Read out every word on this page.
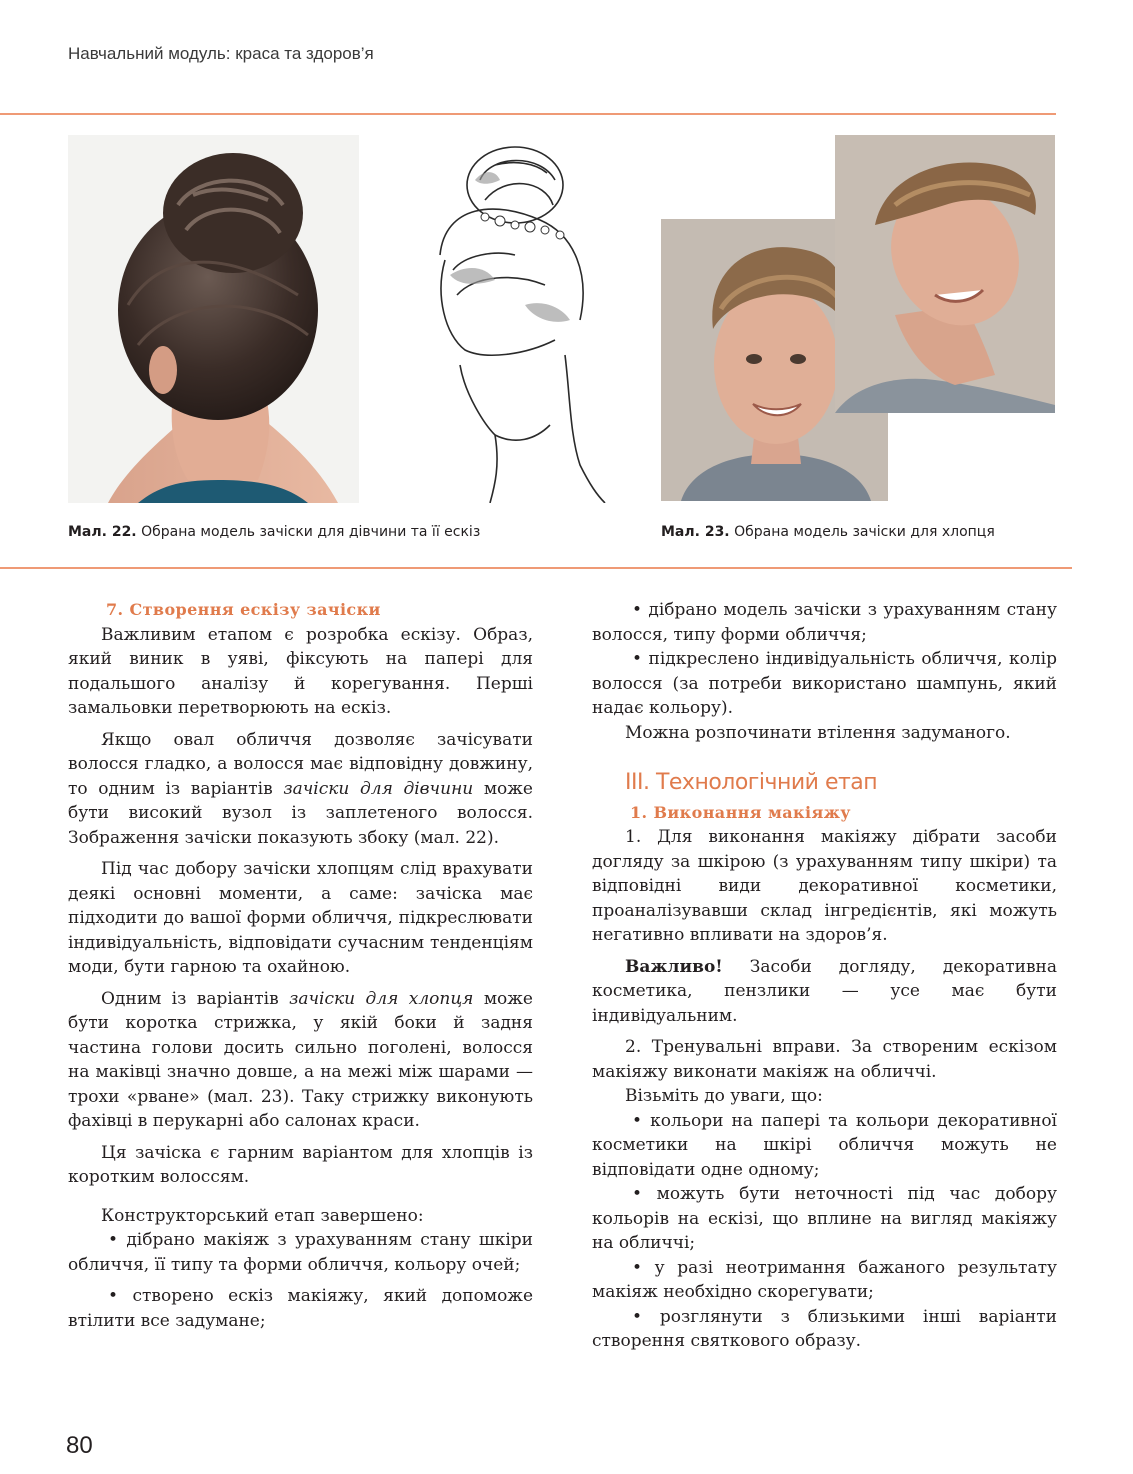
Навчальний модуль: краса та здоров’я
Мал. 22. Обрана модель зачіски для дівчини та її ескіз	Мал. 23. Обрана модель зачіски для хлопця

7. Створення ескізу зачіски

Важливим етапом є розробка ескізу. Образ, який виник в уяві, фіксують на папері для подальшого аналізу й корегування. Перші замальовки перетворюють на ескіз.

Якщо овал обличчя дозволяє зачісувати волосся гладко, а волосся має відповідну довжину, то одним із варіантів зачіски для дівчини може бути високий вузол із заплетеного волосся. Зображення зачіски показують збоку (мал. 22).

Під час добору зачіски хлопцям слід врахувати деякі основні моменти, а саме: зачіска має підходити до вашої форми обличчя, підкреслювати індивідуальність, відповідати сучасним тенденціям моди, бути гарною та охайною.

Одним із варіантів зачіски для хлопця може бути коротка стрижка, у якій боки й задня частина голови досить сильно поголені, волосся на маківці значно довше, а на межі між шарами — трохи «рване» (мал. 23). Таку стрижку виконують фахівці в перукарні або салонах краси.

Ця зачіска є гарним варіантом для хлопців із коротким волоссям.

Конструкторський етап завершено:

• дібрано макіяж з урахуванням стану шкіри обличчя, її типу та форми обличчя, кольору очей;

• створено ескіз макіяжу, який допоможе втілити все задумане;

• дібрано модель зачіски з урахуванням стану волосся, типу форми обличчя;

• підкреслено індивідуальність обличчя, колір волосся (за потреби використано шампунь, який надає кольору).

Можна розпочинати втілення задуманого.

III. Технологічний етап

1. Виконання макіяжу

1. Для виконання макіяжу дібрати засоби догляду за шкірою (з урахуванням типу шкіри) та відповідні види декоративної косметики, проаналізувавши склад інгредієнтів, які можуть негативно впливати на здоров’я.

Важливо! Засоби догляду, декоративна косметика, пензлики — усе має бути індивідуальним.

2. Тренувальні вправи. За створеним ескізом макіяжу виконати макіяж на обличчі.

Візьміть до уваги, що:

• кольори на папері та кольори декоративної косметики на шкірі обличчя можуть не відповідати одне одному;

• можуть бути неточності під час добору кольорів на ескізі, що вплине на вигляд макіяжу на обличчі;

• у разі неотримання бажаного результату макіяж необхідно скорегувати;

• розглянути з близькими інші варіанти створення святкового образу.

80
